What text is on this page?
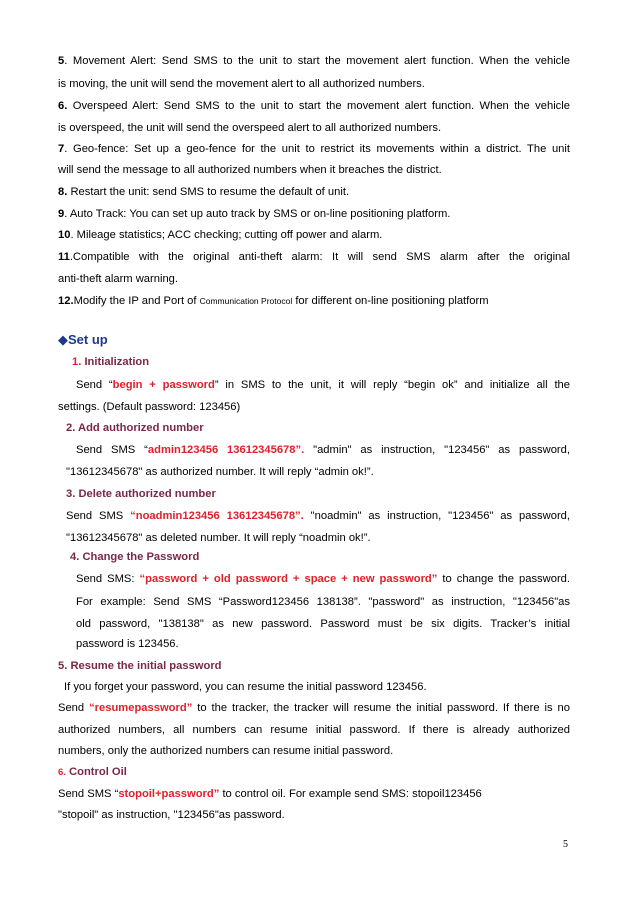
5. Movement Alert: Send SMS to the unit to start the movement alert function. When the vehicle
is moving, the unit will send the movement alert to all authorized numbers.
6. Overspeed Alert: Send SMS to the unit to start the movement alert function. When the vehicle
is overspeed, the unit will send the overspeed alert to all authorized numbers.
7. Geo-fence: Set up a geo-fence for the unit to restrict its movements within a district. The unit
will send the message to all authorized numbers when it breaches the district.
8. Restart the unit: send SMS to resume the default of unit.
9. Auto Track: You can set up auto track by SMS or on-line positioning platform.
10. Mileage statistics; ACC checking; cutting off power and alarm.
11.Compatible with the original anti-theft alarm: It will send SMS alarm after the original
anti-theft alarm warning.
12.Modify the IP and Port of Communication Protocol for different on-line positioning platform
◆Set up
1. Initialization
Send “begin + password” in SMS to the unit, it will reply “begin ok” and initialize all the
settings. (Default password: 123456)
2. Add authorized number
Send SMS “admin123456 13612345678”. "admin" as instruction, "123456" as password,
"13612345678" as authorized number. It will reply “admin ok!”.
3. Delete authorized number
Send SMS “noadmin123456 13612345678”. "noadmin" as instruction, "123456" as password,
"13612345678" as deleted number. It will reply “noadmin ok!”.
4. Change the Password
Send SMS: “password + old password + space + new password” to change the password.
For example: Send SMS “Password123456 138138”. "password" as instruction, "123456"as
old password, "138138" as new password. Password must be six digits. Tracker’s initial
password is 123456.
5. Resume the initial password
If you forget your password, you can resume the initial password 123456.
Send “resumepassword” to the tracker, the tracker will resume the initial password. If there is no
authorized numbers, all numbers can resume initial password. If there is already authorized
numbers, only the authorized numbers can resume initial password.
6. Control Oil
Send SMS “stopoil+password” to control oil. For example send SMS: stopoil123456
"stopoil" as instruction, "123456"as password.
5
